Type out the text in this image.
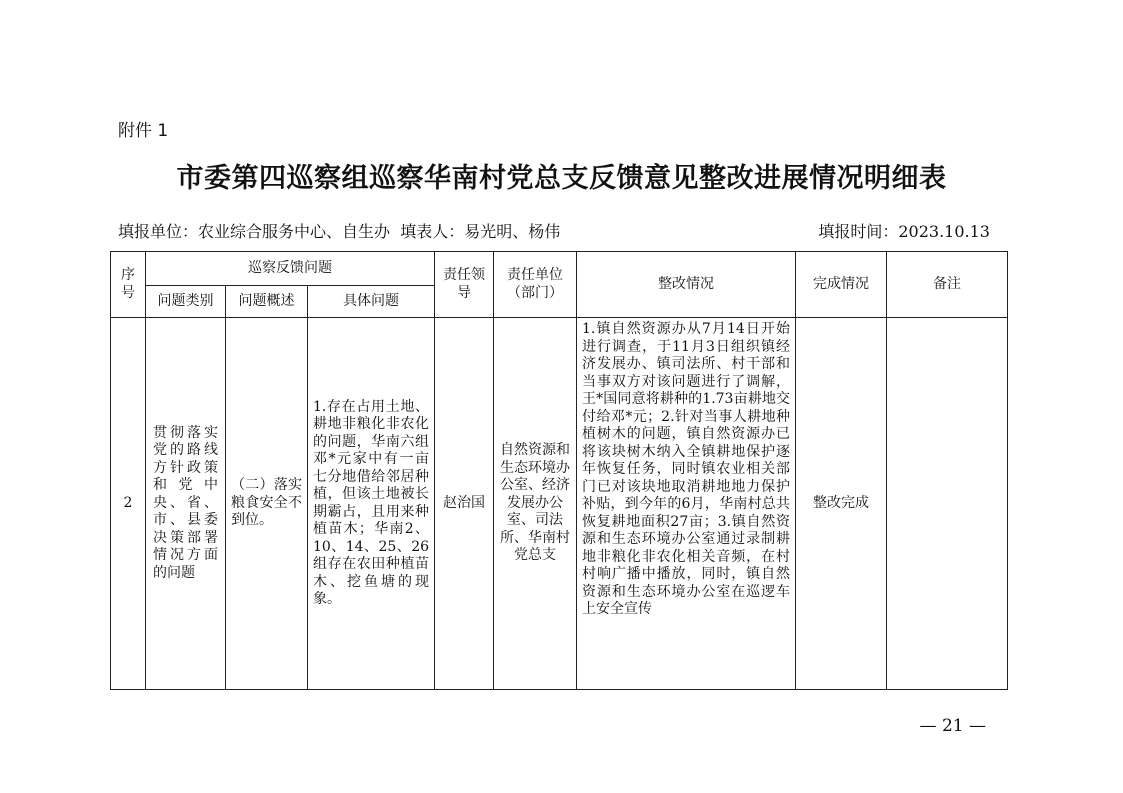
附件 1
市委第四巡察组巡察华南村党总支反馈意见整改进展情况明细表
填报单位：农业综合服务中心、自生办 填表人：易光明、杨伟	填报时间：2023.10.13
序号	巡察反馈问题			责任领导	责任单位（部门）	整改情况	完成情况	备注
	问题类别	问题概述	具体问题					
2	贯彻落实党的路线方针政策和党中央、省、市、县委决策部署情况方面的问题	（二）落实粮食安全不到位。	1.存在占用土地、耕地非粮化非农化的问题，华南六组邓*元家中有一亩七分地借给邻居种植，但该土地被长期霸占，且用来种植苗木；华南2、10、14、25、26组存在农田种植苗木、挖鱼塘的现象。	赵治国	自然资源和生态环境办公室、经济发展办公室、司法所、华南村党总支	1.镇自然资源办从7月14日开始进行调查，于11月3日组织镇经济发展办、镇司法所、村干部和当事双方对该问题进行了调解，王*国同意将耕种的1.73亩耕地交付给邓*元；2.针对当事人耕地种植树木的问题，镇自然资源办已将该块树木纳入全镇耕地保护逐年恢复任务，同时镇农业相关部门已对该块地取消耕地地力保护补贴，到今年的6月，华南村总共恢复耕地面积27亩；3.镇自然资源和生态环境办公室通过录制耕地非粮化非农化相关音频，在村村响广播中播放，同时，镇自然资源和生态环境办公室在巡逻车上安全宣传	整改完成	
— 21 —
